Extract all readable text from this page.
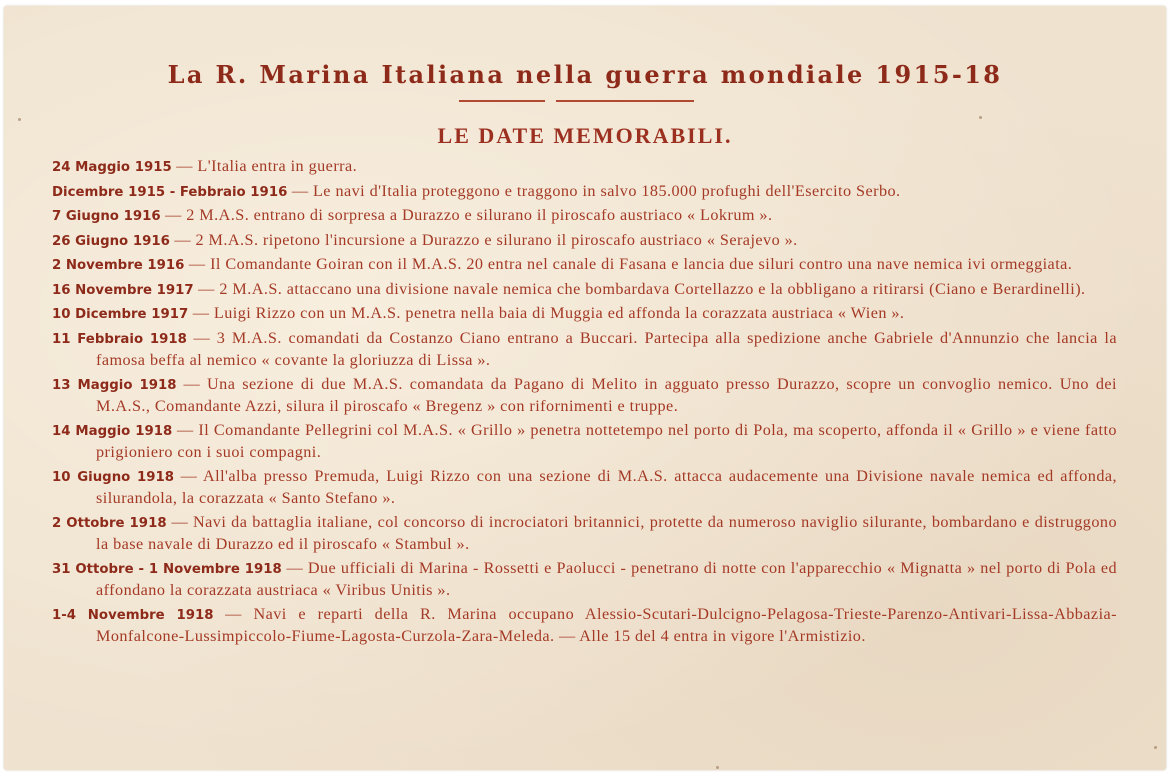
La R. Marina Italiana nella guerra mondiale 1915-18
LE DATE MEMORABILI.

24 Maggio 1915 — L'Italia entra in guerra.

Dicembre 1915 - Febbraio 1916 — Le navi d'Italia proteggono e traggono in salvo 185.000 profughi dell'Esercito Serbo.

7 Giugno 1916 — 2 M.A.S. entrano di sorpresa a Durazzo e silurano il piroscafo austriaco « Lokrum ».

26 Giugno 1916 — 2 M.A.S. ripetono l'incursione a Durazzo e silurano il piroscafo austriaco « Serajevo ».

2 Novembre 1916 — Il Comandante Goiran con il M.A.S. 20 entra nel canale di Fasana e lancia due siluri contro una nave nemica ivi ormeggiata.

16 Novembre 1917 — 2 M.A.S. attaccano una divisione navale nemica che bombardava Cortellazzo e la obbligano a ritirarsi (Ciano e Berardinelli).

10 Dicembre 1917 — Luigi Rizzo con un M.A.S. penetra nella baia di Muggia ed affonda la corazzata austriaca « Wien ».

11 Febbraio 1918 — 3 M.A.S. comandati da Costanzo Ciano entrano a Buccari. Partecipa alla spedizione anche Gabriele d'Annunzio che lancia la famosa beffa al nemico « covante la gloriuzza di Lissa ».

13 Maggio 1918 — Una sezione di due M.A.S. comandata da Pagano di Melito in agguato presso Durazzo, scopre un convoglio nemico. Uno dei M.A.S., Comandante Azzi, silura il piroscafo « Bregenz » con rifornimenti e truppe.

14 Maggio 1918 — Il Comandante Pellegrini col M.A.S. « Grillo » penetra nottetempo nel porto di Pola, ma scoperto, affonda il « Grillo » e viene fatto prigioniero con i suoi compagni.

10 Giugno 1918 — All'alba presso Premuda, Luigi Rizzo con una sezione di M.A.S. attacca audacemente una Divisione navale nemica ed affonda, silurandola, la corazzata « Santo Stefano ».

2 Ottobre 1918 — Navi da battaglia italiane, col concorso di incrociatori britannici, protette da numeroso naviglio silurante, bombardano e distruggono la base navale di Durazzo ed il piroscafo « Stambul ».

31 Ottobre - 1 Novembre 1918 — Due ufficiali di Marina - Rossetti e Paolucci - penetrano di notte con l'apparecchio « Mignatta » nel porto di Pola ed affondano la corazzata austriaca « Viribus Unitis ».

1-4 Novembre 1918 — Navi e reparti della R. Marina occupano Alessio-Scutari-Dulcigno-Pelagosa-Trieste-Parenzo-Antivari-Lissa-Abbazia-Monfalcone-Lussimpiccolo-Fiume-Lagosta-Curzola-Zara-Meleda. — Alle 15 del 4 entra in vigore l'Armistizio.
